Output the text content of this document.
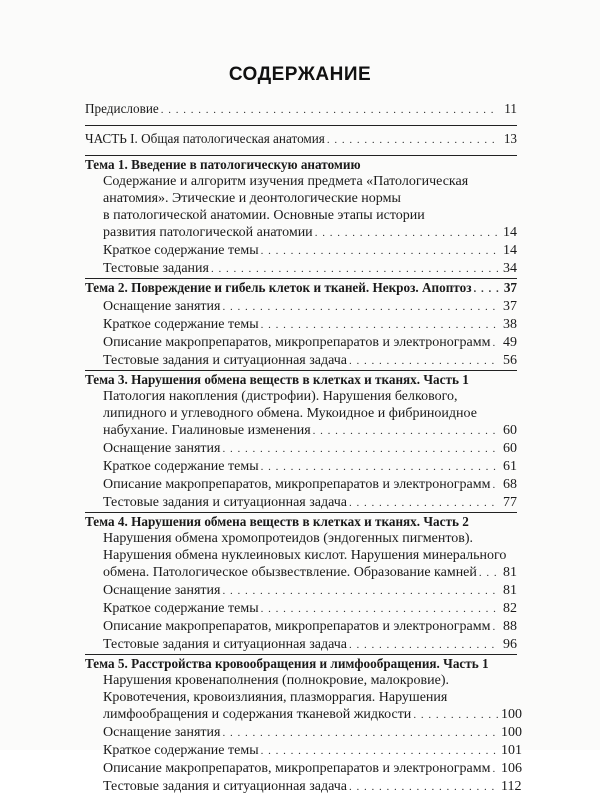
СОДЕРЖАНИЕ
Предисловие . . .	11
ЧАСТЬ I. Общая патологическая анатомия . . .	13
Тема 1. Введение в патологическую анатомию
Содержание и алгоритм изучения предмета «Патологическая
анатомия». Этические и деонтологические нормы
в патологической анатомии. Основные этапы истории
развития патологической анатомии . . .	14
Краткое содержание темы . . .	14
Тестовые задания . . .	34
Тема 2. Повреждение и гибель клеток и тканей. Некроз. Апоптоз . . . 37
Оснащение занятия . . .	37
Краткое содержание темы . . .	38
Описание макропрепаратов, микропрепаратов и электронограмм . . . 49
Тестовые задания и ситуационная задача . . .	56
Тема 3. Нарушения обмена веществ в клетках и тканях. Часть 1
Патология накопления (дистрофии). Нарушения белкового,
липидного и углеводного обмена. Мукоидное и фибриноидное
набухание. Гиалиновые изменения . . .	60
Оснащение занятия . . .	60
Краткое содержание темы . . .	61
Описание макропрепаратов, микропрепаратов и электронограмм . . . 68
Тестовые задания и ситуационная задача . . .	77
Тема 4. Нарушения обмена веществ в клетках и тканях. Часть 2
Нарушения обмена хромопротеидов (эндогенных пигментов).
Нарушения обмена нуклеиновых кислот. Нарушения минерального
обмена. Патологическое обызвествление. Образование камней . . . 81
Оснащение занятия . . .	81
Краткое содержание темы . . .	82
Описание макропрепаратов, микропрепаратов и электронограмм . . . 88
Тестовые задания и ситуационная задача . . .	96
Тема 5. Расстройства кровообращения и лимфообращения. Часть 1
Нарушения кровенаполнения (полнокровие, малокровие).
Кровотечения, кровоизлияния, плазморрагия. Нарушения
лимфообращения и содержания тканевой жидкости . . .	100
Оснащение занятия . . .	100
Краткое содержание темы . . .	101
Описание макропрепаратов, микропрепаратов и электронограмм . . . 106
Тестовые задания и ситуационная задача . . .	112
